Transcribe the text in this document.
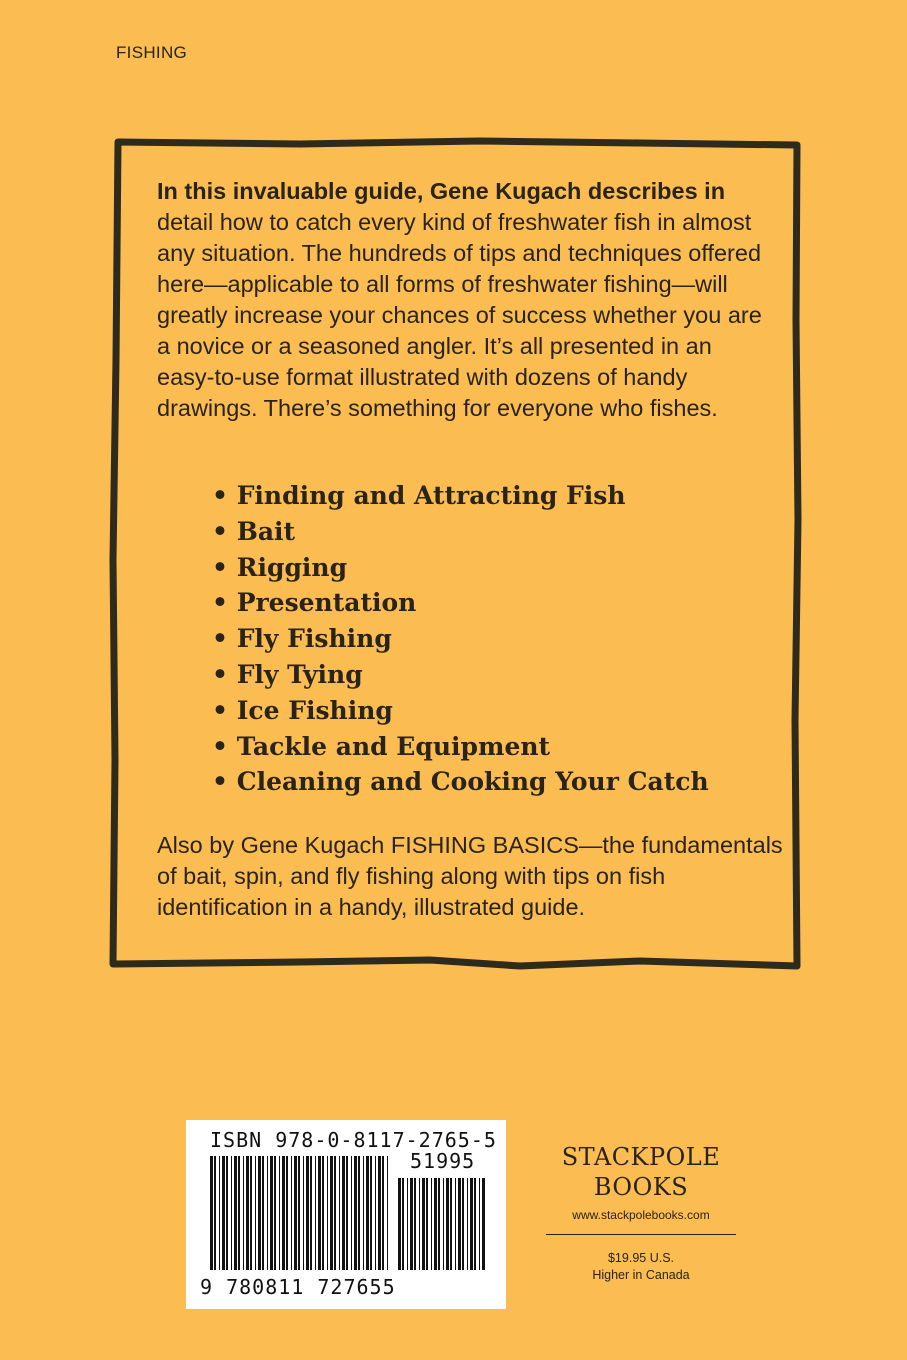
FISHING

In this invaluable guide, Gene Kugach describes in detail how to catch every kind of freshwater fish in almost any situation. The hundreds of tips and techniques offered here—applicable to all forms of freshwater fishing—will greatly increase your chances of success whether you are a novice or a seasoned angler. It’s all presented in an easy-to-use format illustrated with dozens of handy drawings. There’s something for everyone who fishes.

• Finding and Attracting Fish
• Bait
• Rigging
• Presentation
• Fly Fishing
• Fly Tying
• Ice Fishing
• Tackle and Equipment
• Cleaning and Cooking Your Catch

Also by Gene Kugach FISHING BASICS—the fundamentals of bait, spin, and fly fishing along with tips on fish identification in a handy, illustrated guide.

ISBN 978-0-8117-2765-5
51995
9 780811 727655
STACKPOLE
BOOKS
www.stackpolebooks.com
$19.95 U.S.
Higher in Canada
